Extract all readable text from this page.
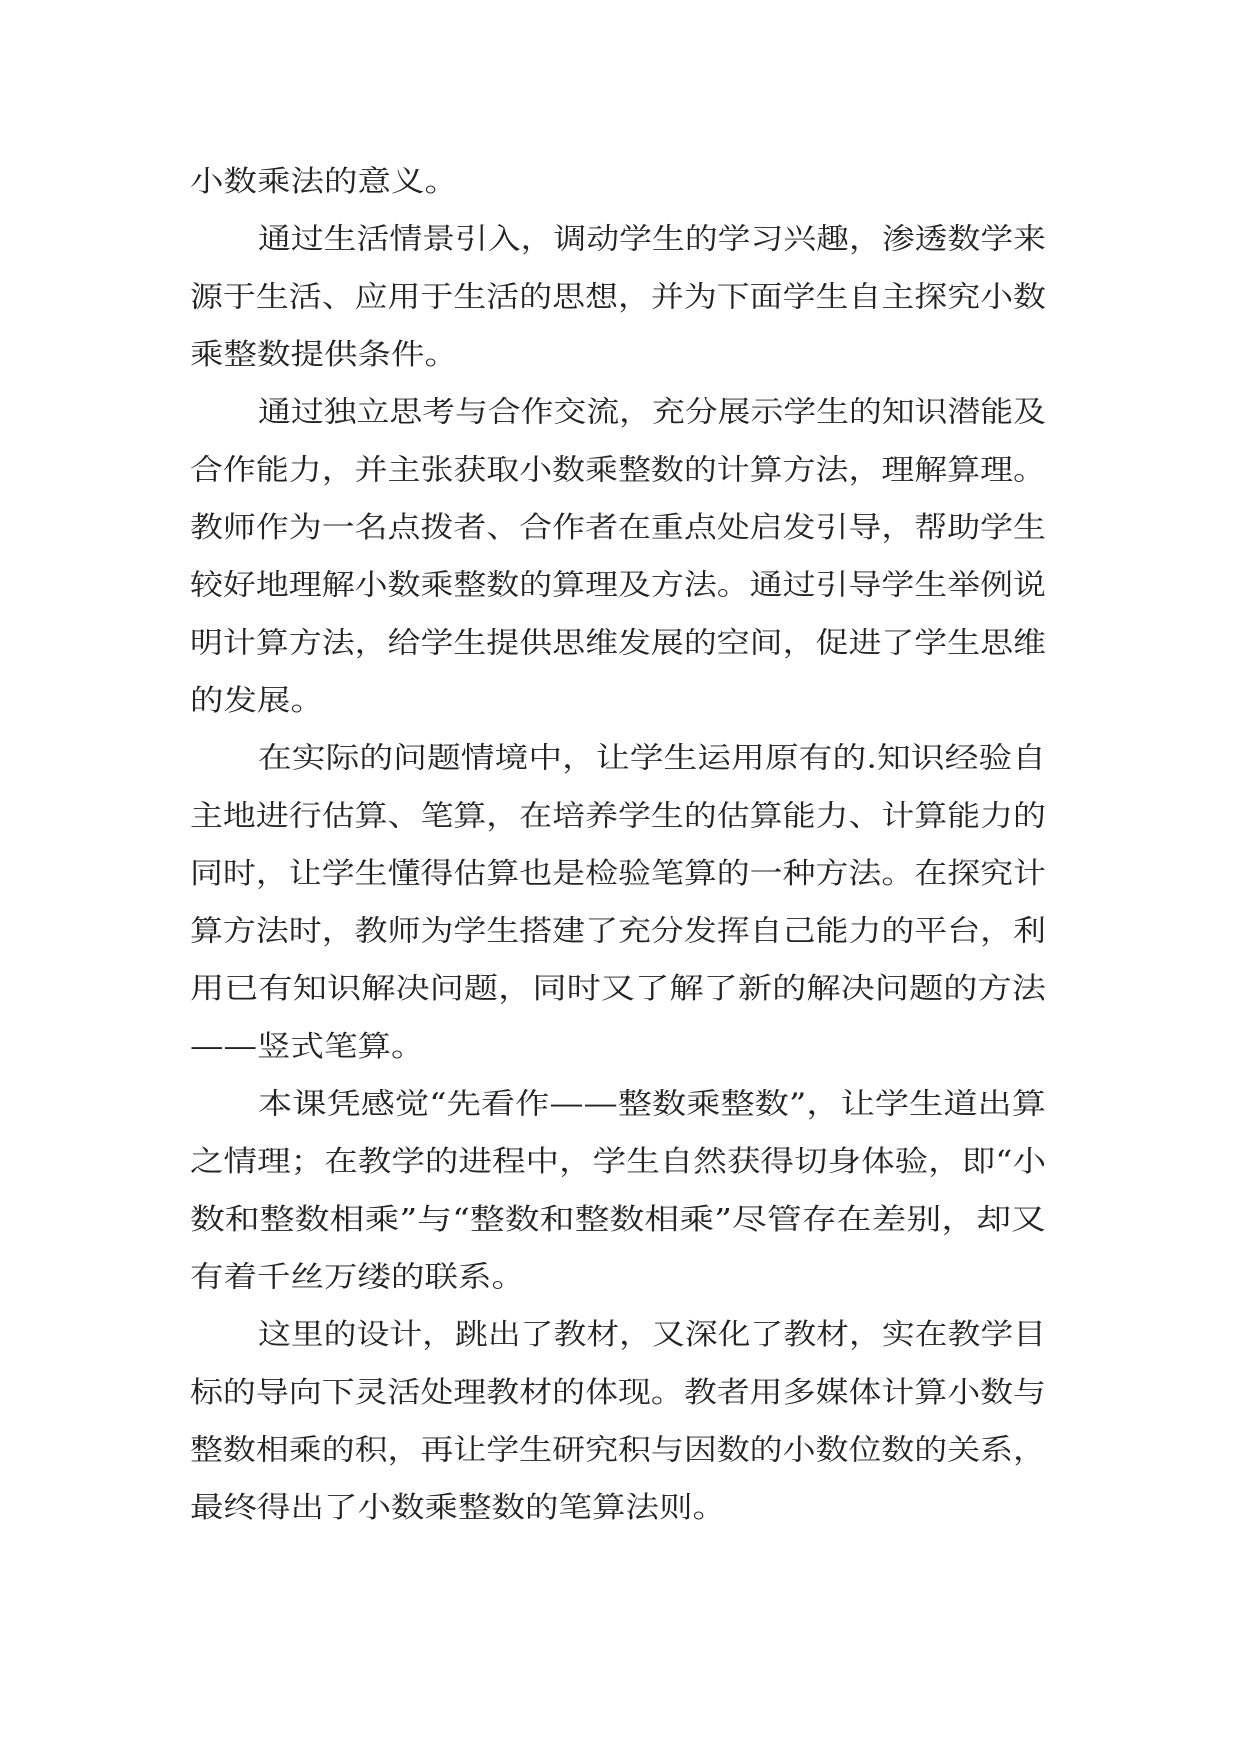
小数乘法的意义。
通过生活情景引入，调动学生的学习兴趣，渗透数学来
源于生活、应用于生活的思想，并为下面学生自主探究小数
乘整数提供条件。
通过独立思考与合作交流，充分展示学生的知识潜能及
合作能力，并主张获取小数乘整数的计算方法，理解算理。
教师作为一名点拨者、合作者在重点处启发引导，帮助学生
较好地理解小数乘整数的算理及方法。通过引导学生举例说
明计算方法，给学生提供思维发展的空间，促进了学生思维
的发展。
在实际的问题情境中，让学生运用原有的.知识经验自
主地进行估算、笔算，在培养学生的估算能力、计算能力的
同时，让学生懂得估算也是检验笔算的一种方法。在探究计
算方法时，教师为学生搭建了充分发挥自己能力的平台，利
用已有知识解决问题，同时又了解了新的解决问题的方法
——竖式笔算。
本课凭感觉“先看作——整数乘整数”，让学生道出算
之情理；在教学的进程中，学生自然获得切身体验，即“小
数和整数相乘”与“整数和整数相乘”尽管存在差别，却又
有着千丝万缕的联系。
这里的设计，跳出了教材，又深化了教材，实在教学目
标的导向下灵活处理教材的体现。教者用多媒体计算小数与
整数相乘的积，再让学生研究积与因数的小数位数的关系，
最终得出了小数乘整数的笔算法则。
